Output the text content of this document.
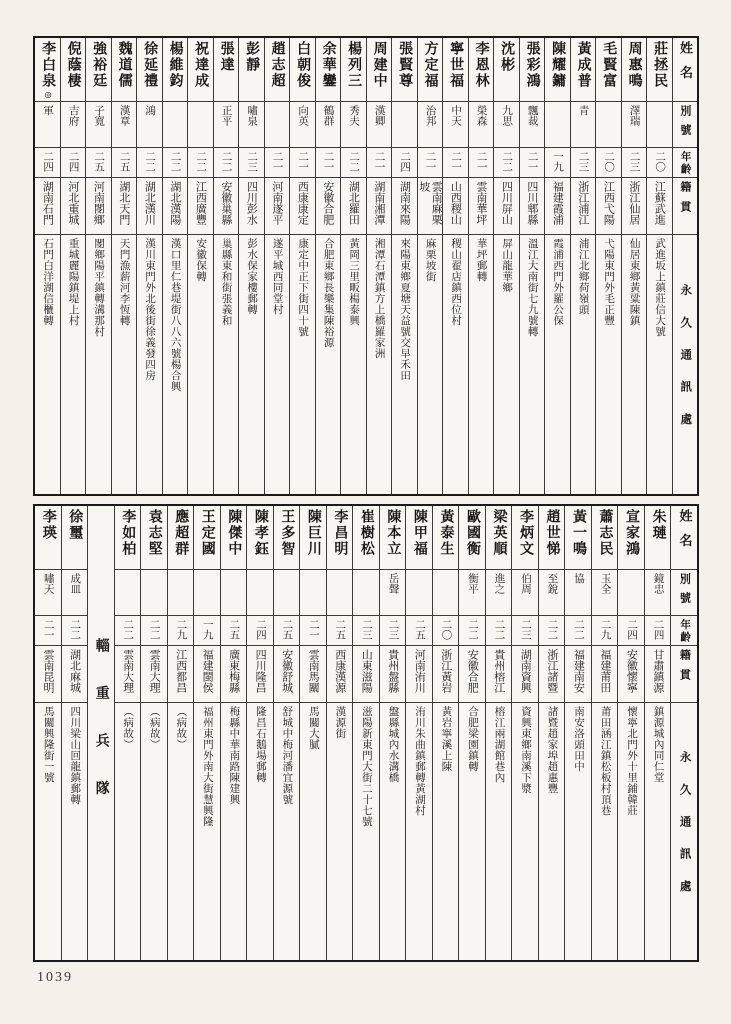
姓名
別號
年齡
籍貫
永久通訊處
莊拯民
二〇
江蘇武進
武進坂上鎮莊信大號
周惠鳴
澤瑞
二三
浙江仙居
仙居東鄉黃粱陳鎮
毛賢富
二〇
江西弋陽
弋陽東門外毛正豐
黃成普
青
二三
浙江浦江
浦江北鄉荷嶺頭
陳耀鏞
一九
福建霞浦
霞浦西門外羅公保
張彩鴻
飄裁
二一
四川郫縣
溫江大南街七九號轉
沈彬
九思
二二
四川屏山
屏山龍華鄉
李恩林
榮森
二一
雲南華坪
華坪郵轉
寧世福
中天
二一
山西稷山
稷山翟店鎮西位村
方定福
治邦
二一
雲南麻栗坡
麻栗坡街
張賢尊
二四
湖南來陽
來陽東鄉夏塘天益號交早禾田
周建中
漢卿
二一
湖南湘潭
湘潭石潭鎮方上橋羅家洲
楊列三
秀夫
二二
湖北羅田
黃岡三里畈楊泰興
余華鑾
鶴群
二一
安徽合肥
合肥東鄉長樂集陳裕源
白朝俊
向英
二一
西康康定
康定中正下街四十號
趙志超
二一
河南遂平
遂平城西同堂村
彭靜
嘯泉
二三
四川彭水
彭水保家樓郵轉
張達
正平
二二
安徽巢縣
巢縣東和街張義和
祝達成
二二
江西廣豐
安徽保轉
楊維鈞
二二
湖北漢陽
漢口里仁巷堤街八八六號楊合興
徐延禮
鴻
二二
湖北漢川
漢川東門外北後街徐義發四房
魏道儒
漢章
二五
湖北天門
天門漁薪河李恆轉
強裕廷
子寬
二五
河南閿鄉
閿鄉陽平鎮轉溝那村
倪蔭棲
吉府
二四
河北重城
重城麗陽鎮堤上村
李白泉◎
軍
二四
湖南石門
石門白洋湖信櫃轉
姓名
別號
年齡
籍貫
永久通訊處
朱璉
鏡忠
二四
甘肅鎮源
鎮源城內同仁堂
宣家鴻
二四
安徽懷寧
懷寧北門外十里鋪韓莊
蕭志民
玉全
二九
福建莆田
莆田涵江鎮松板村頂巷
黃一鳴
協
二二
福建南安
南安洛頭田中
趙世悌
至銳
二二
浙江諸暨
諸暨趙家埠趙惠豐
李炳文
伯周
二三
湖南資興
資興東鄉南溪下漿
梁英順
進之
二二
貴州榕江
榕江兩湖館巷內
歐國衡
衡平
二二
安徽合肥
合肥梁園鎮轉
黃泰生
二〇
浙江黃岩
黃岩寧溪上陳
陳甲福
二五
河南洧川
洧川朱曲鎮郵轉黃湖村
陳本立
岳聲
二三
貴州盤縣
盤縣城內水溝橋
崔樹松
二三
山東滋陽
滋陽新東門大街二十七號
李昌明
二五
西康漢源
漢源街
陳巨川
二一
雲南馬關
馬關大膩
王多智
二五
安徽舒城
舒城中梅河潘宜源號
陳孝鈺
二四
四川隆昌
隆昌石鵝場郵轉
陳傑中
二五
廣東梅縣
梅縣中華南路陳建興
王定國
一九
福建閩侯
福州東門外南大街慧興隆
應超群
二九
江西都昌
（病故）
袁志堅
二二
雲南大理
（病故）
李如柏
二二
雲南大理
（病故）
輜重兵隊
徐璽
成皿
二二
湖北麻城
四川梁山回龍鎮郵轉
李瑛
嘯天
二一
雲南昆明
馬關興隆街一號
1039
